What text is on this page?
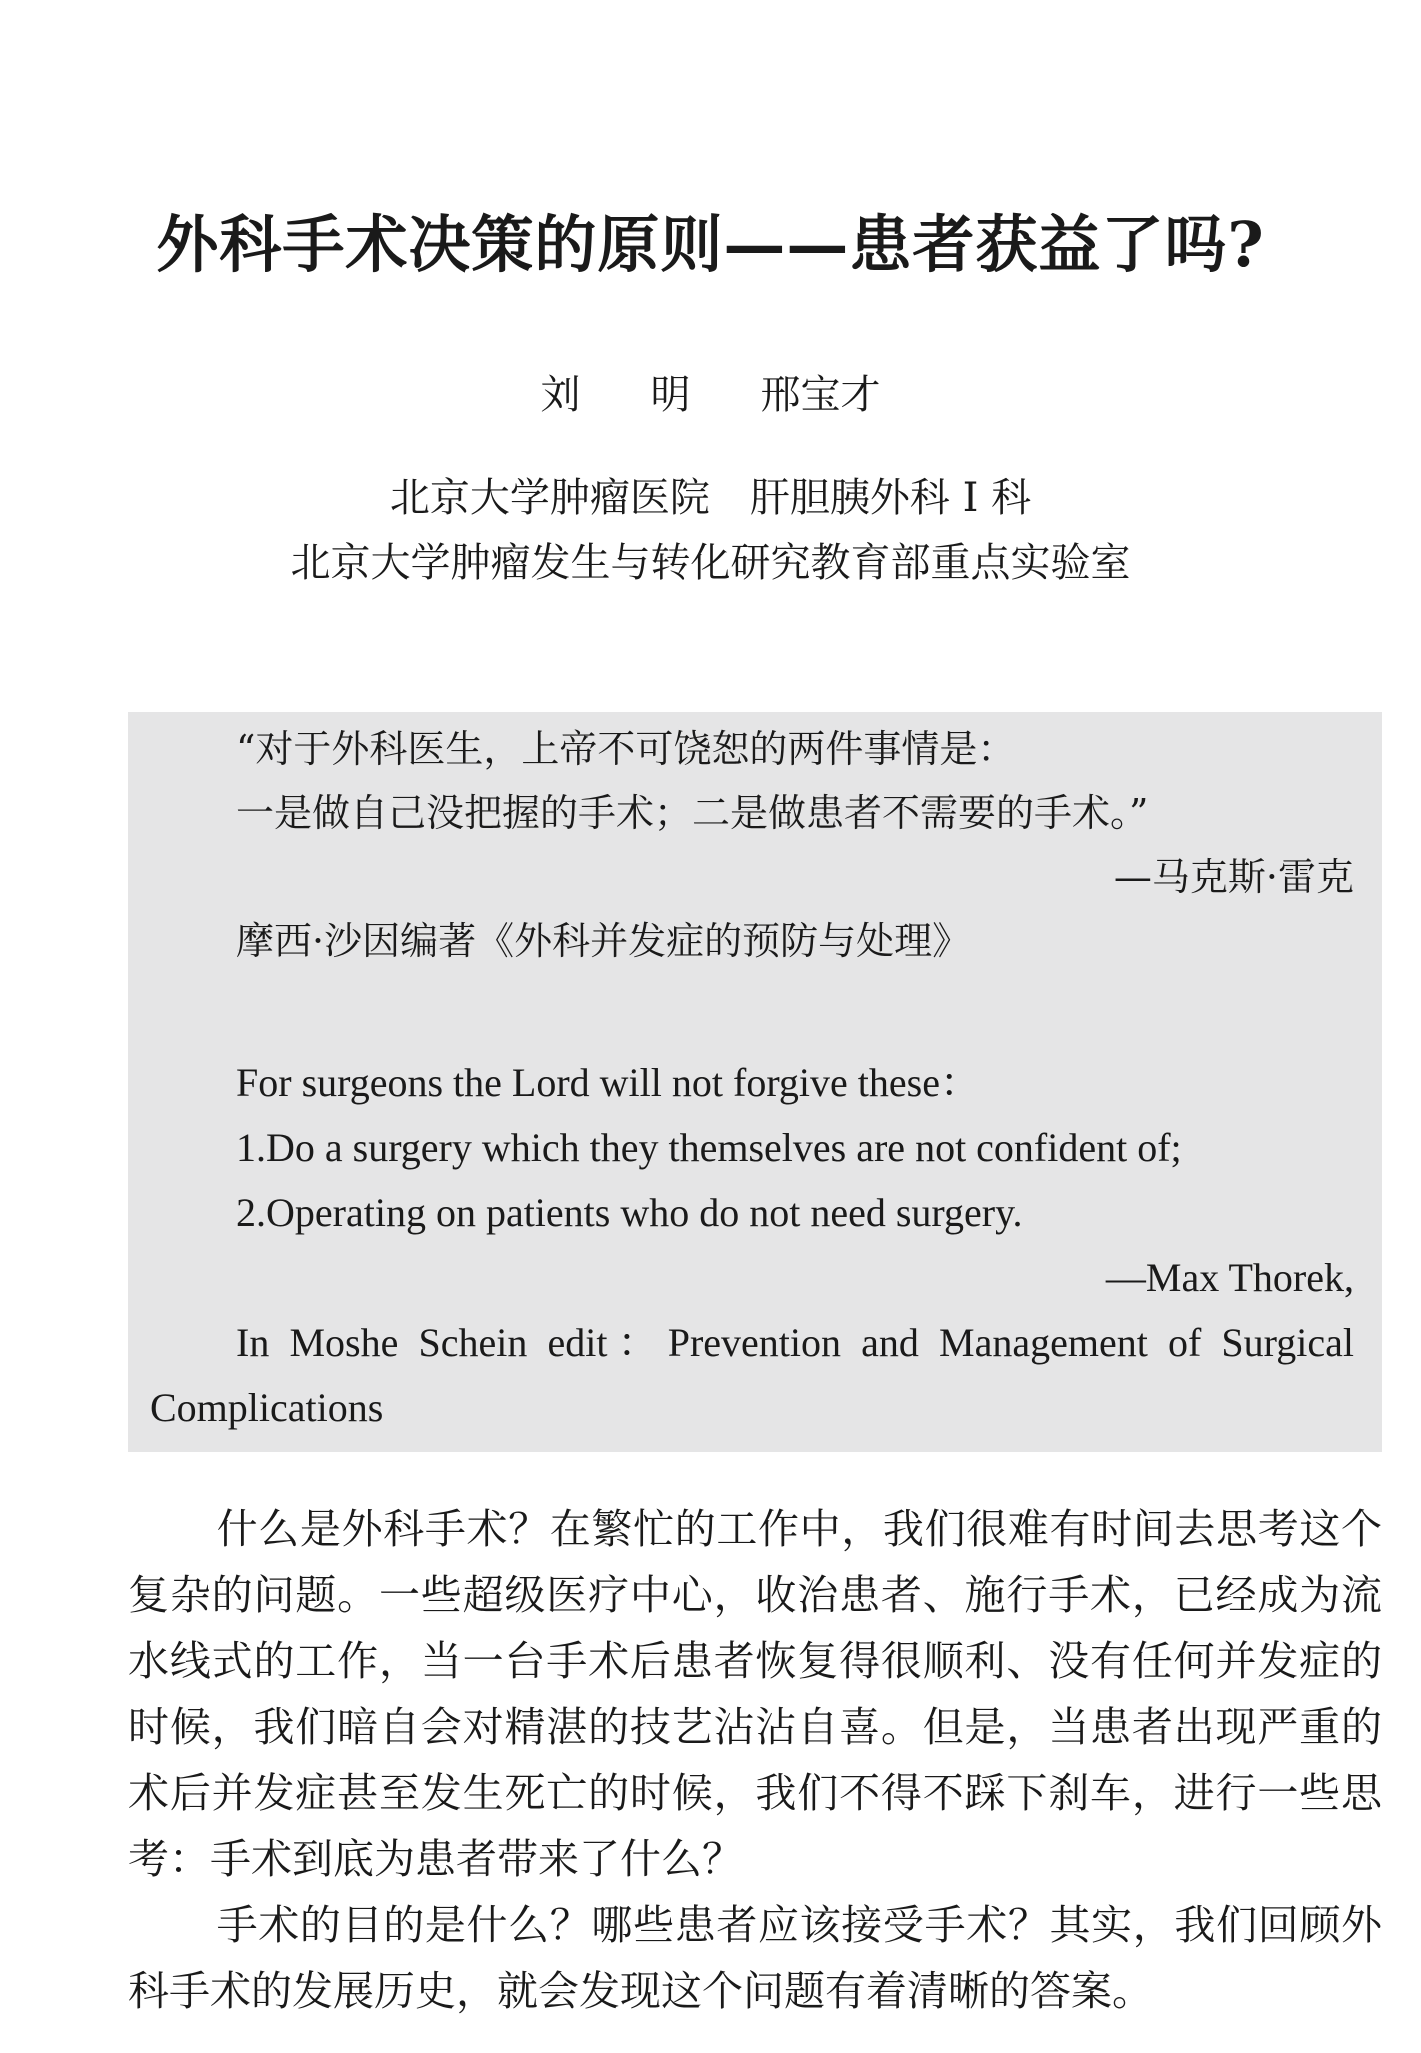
外科手术决策的原则——患者获益了吗?

刘 明 邢宝才

北京大学肿瘤医院　肝胆胰外科 I 科

北京大学肿瘤发生与转化研究教育部重点实验室

“对于外科医生，上帝不可饶恕的两件事情是：

一是做自己没把握的手术；二是做患者不需要的手术。”

—马克斯·雷克

摩西·沙因编著《外科并发症的预防与处理》

For surgeons the Lord will not forgive these：

1.Do a surgery which they themselves are not confident of;

2.Operating on patients who do not need surgery.

—Max Thorek,

In Moshe Schein edit：Prevention and Management of Surgical

Complications

什么是外科手术？在繁忙的工作中，我们很难有时间去思考这个复杂的问题。一些超级医疗中心，收治患者、施行手术，已经成为流水线式的工作，当一台手术后患者恢复得很顺利、没有任何并发症的时候，我们暗自会对精湛的技艺沾沾自喜。但是，当患者出现严重的术后并发症甚至发生死亡的时候，我们不得不踩下刹车，进行一些思考：手术到底为患者带来了什么？

手术的目的是什么？哪些患者应该接受手术？其实，我们回顾外科手术的发展历史，就会发现这个问题有着清晰的答案。
